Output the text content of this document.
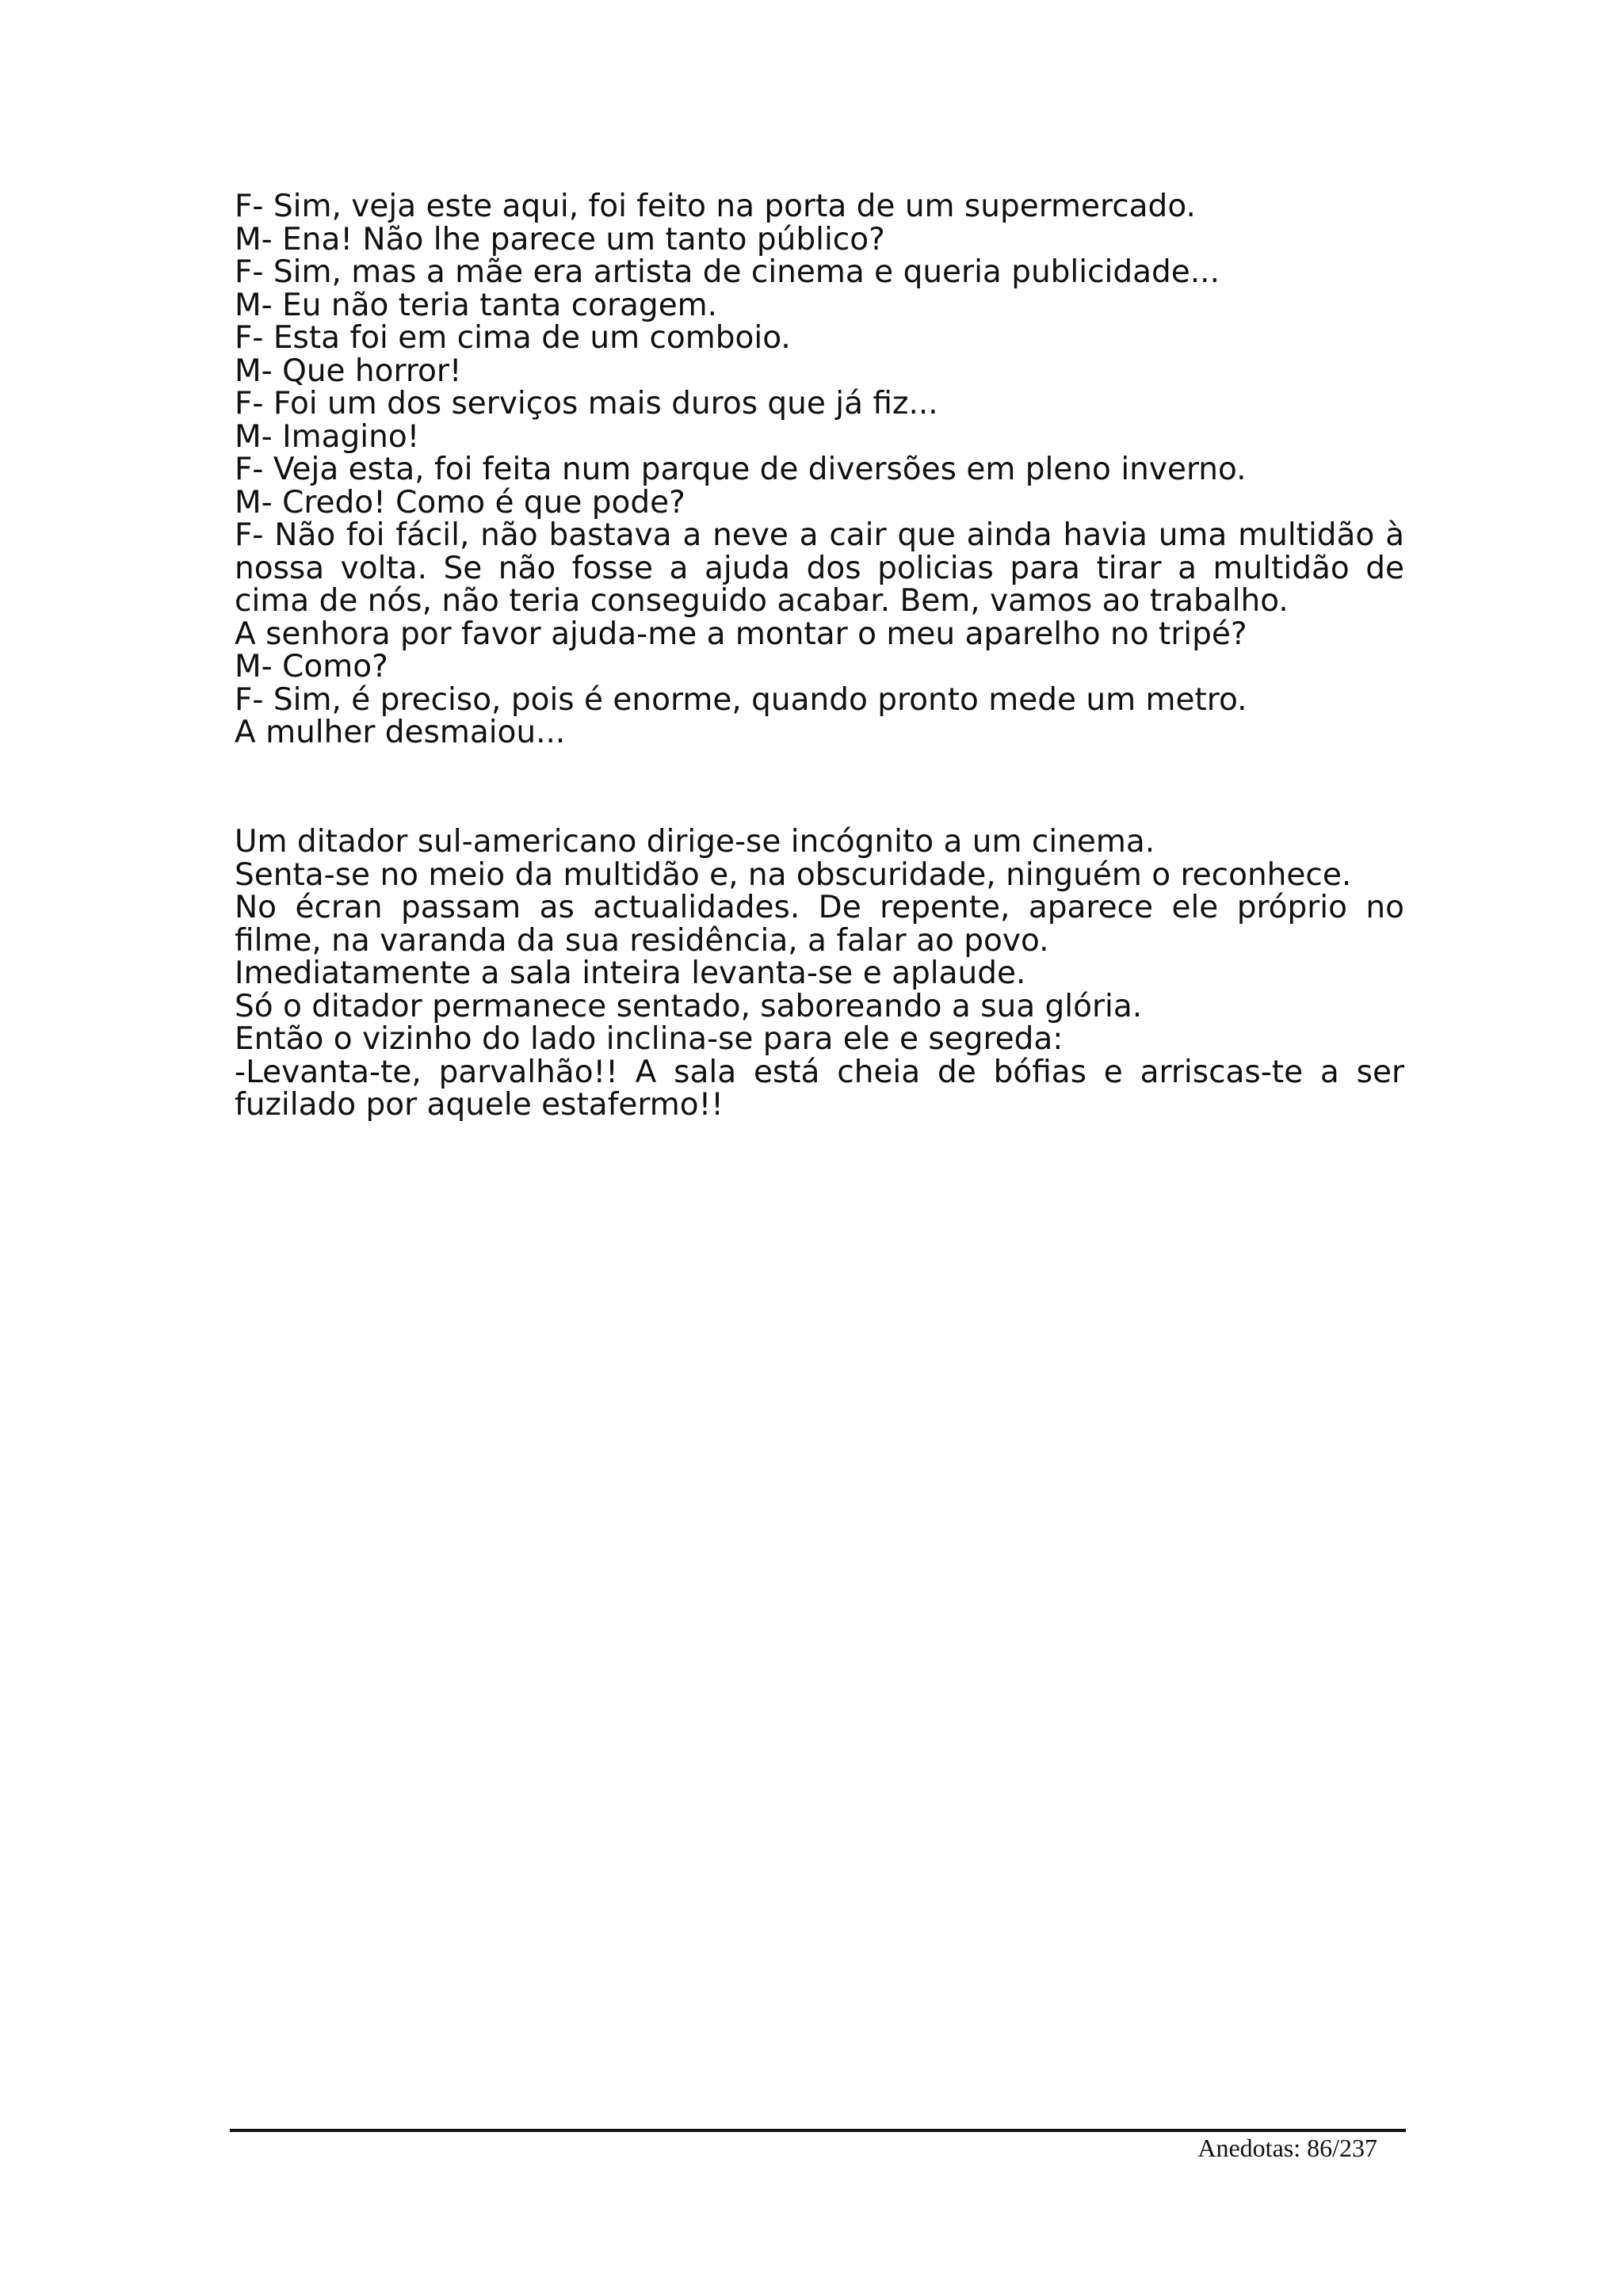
F- Sim, veja este aqui, foi feito na porta de um supermercado.
M- Ena! Não lhe parece um tanto público?
F- Sim, mas a mãe era artista de cinema e queria publicidade...
M- Eu não teria tanta coragem.
F- Esta foi em cima de um comboio.
M- Que horror!
F- Foi um dos serviços mais duros que já fiz...
M- Imagino!
F- Veja esta, foi feita num parque de diversões em pleno inverno.
M- Credo! Como é que pode?
F- Não foi fácil, não bastava a neve a cair que ainda havia uma multidão à nossa volta. Se não fosse a ajuda dos policias para tirar a multidão de cima de nós, não teria conseguido acabar. Bem, vamos ao trabalho.
A senhora por favor ajuda-me a montar o meu aparelho no tripé?
M- Como?
F- Sim, é preciso, pois é enorme, quando pronto mede um metro.
A mulher desmaiou...
Um ditador sul-americano dirige-se incógnito a um cinema.
Senta-se no meio da multidão e, na obscuridade, ninguém o reconhece.
No écran passam as actualidades. De repente, aparece ele próprio no filme, na varanda da sua residência, a falar ao povo.
Imediatamente a sala inteira levanta-se e aplaude.
Só o ditador permanece sentado, saboreando a sua glória.
Então o vizinho do lado inclina-se para ele e segreda:
-Levanta-te, parvalhão!! A sala está cheia de bófias e arriscas-te a ser fuzilado por aquele estafermo!!
Anedotas: 86/237
